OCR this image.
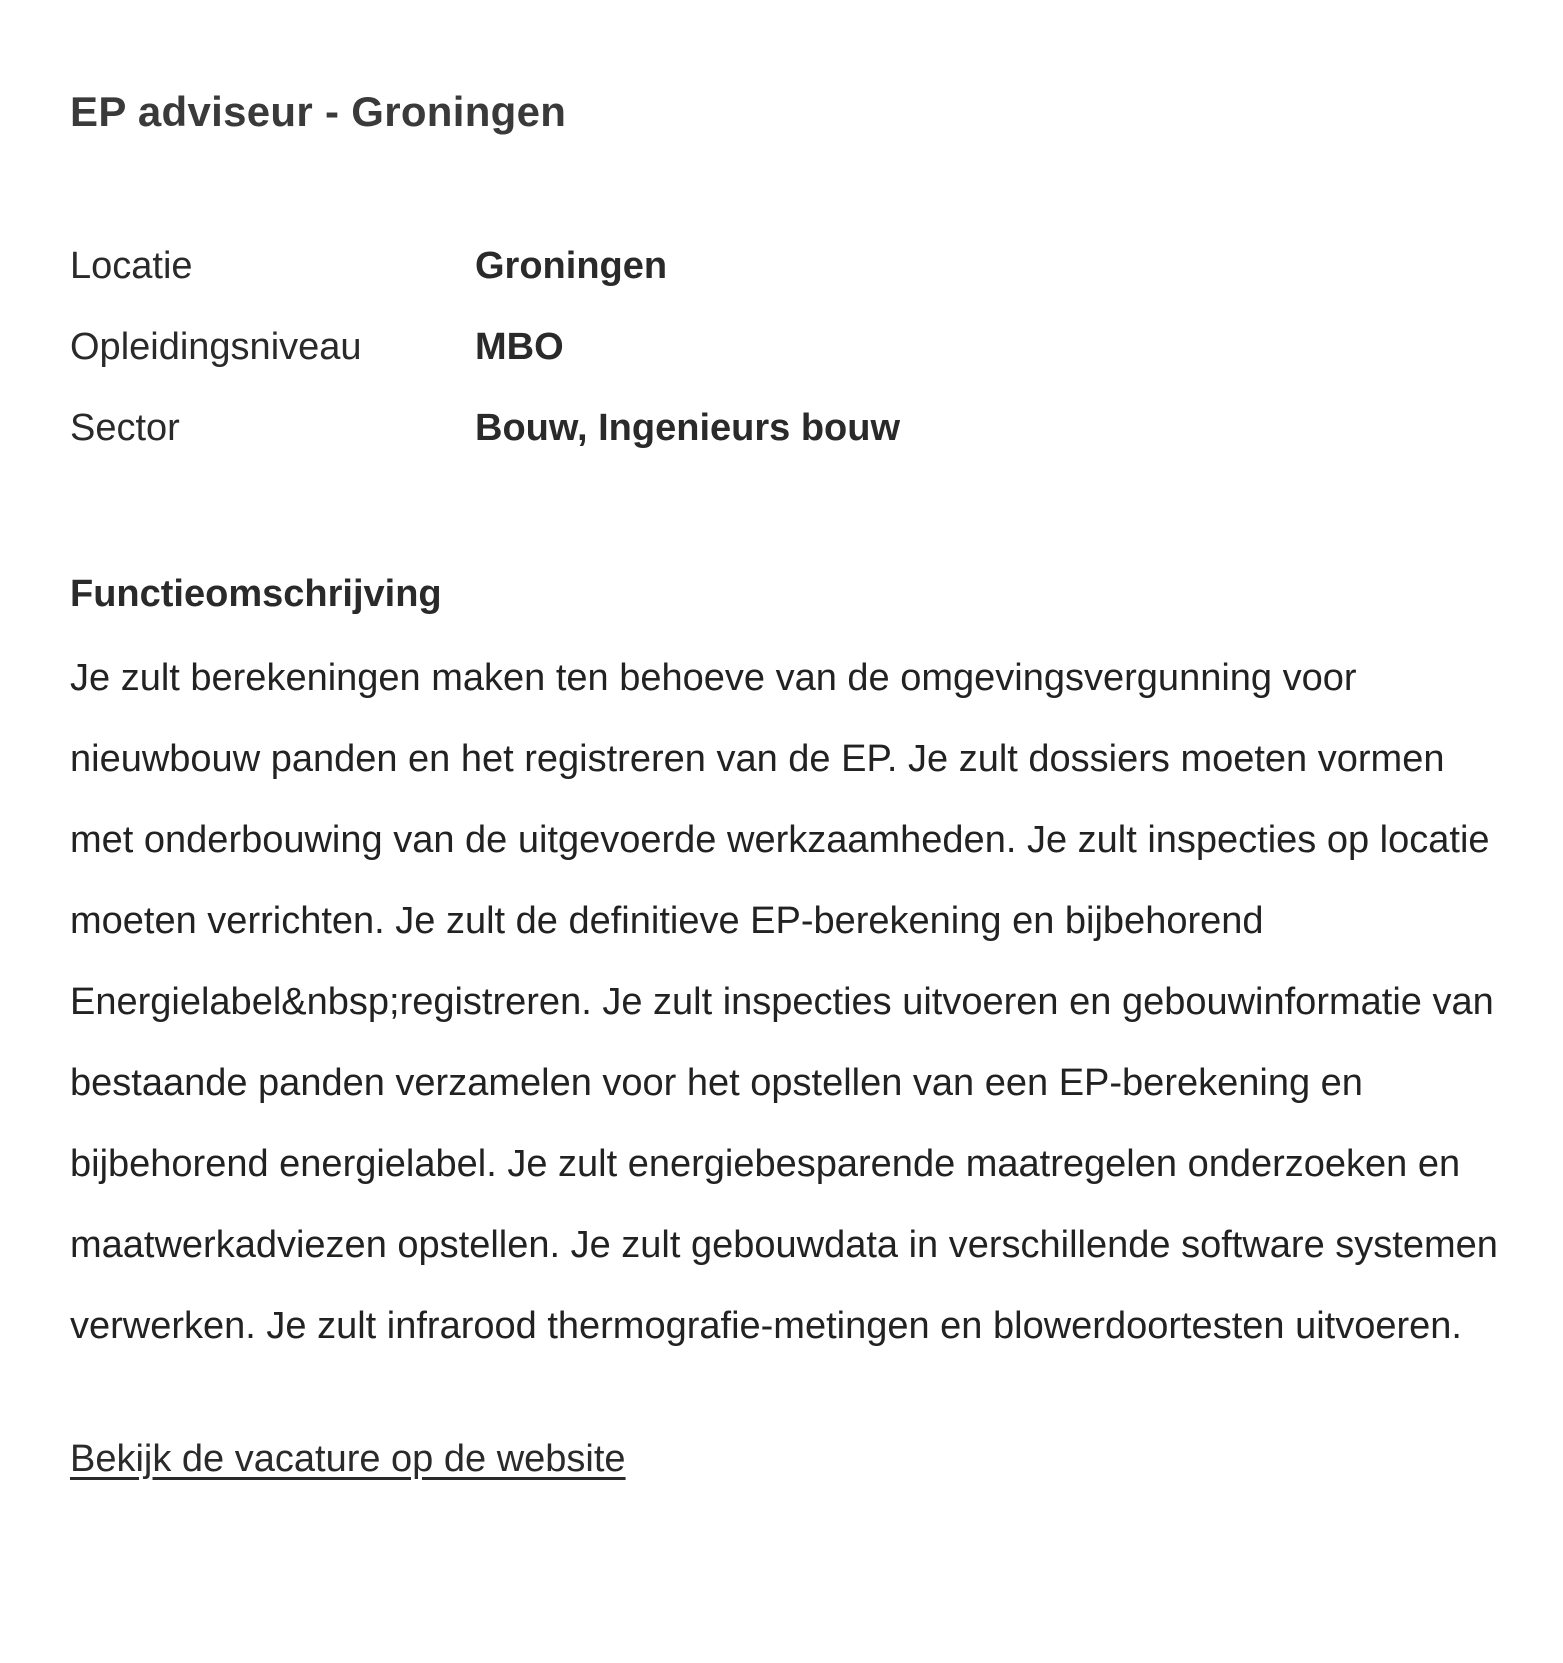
EP adviseur - Groningen
Locatie	Groningen
Opleidingsniveau	MBO
Sector	Bouw, Ingenieurs bouw
Functieomschrijving

Je zult berekeningen maken ten behoeve van de omgevingsvergunning voor nieuwbouw panden en het registreren van de EP. Je zult dossiers moeten vormen met onderbouwing van de uitgevoerde werkzaamheden. Je zult inspecties op locatie moeten verrichten. Je zult de definitieve EP-berekening en bijbehorend Energielabel&nbsp;registreren. Je zult inspecties uitvoeren en gebouwinformatie van bestaande panden verzamelen voor het opstellen van een EP-berekening en bijbehorend energielabel. Je zult energiebesparende maatregelen onderzoeken en maatwerkadviezen opstellen. Je zult gebouwdata in verschillende software systemen verwerken. Je zult infrarood thermografie-metingen en blowerdoortesten uitvoeren.

Bekijk de vacature op de website
